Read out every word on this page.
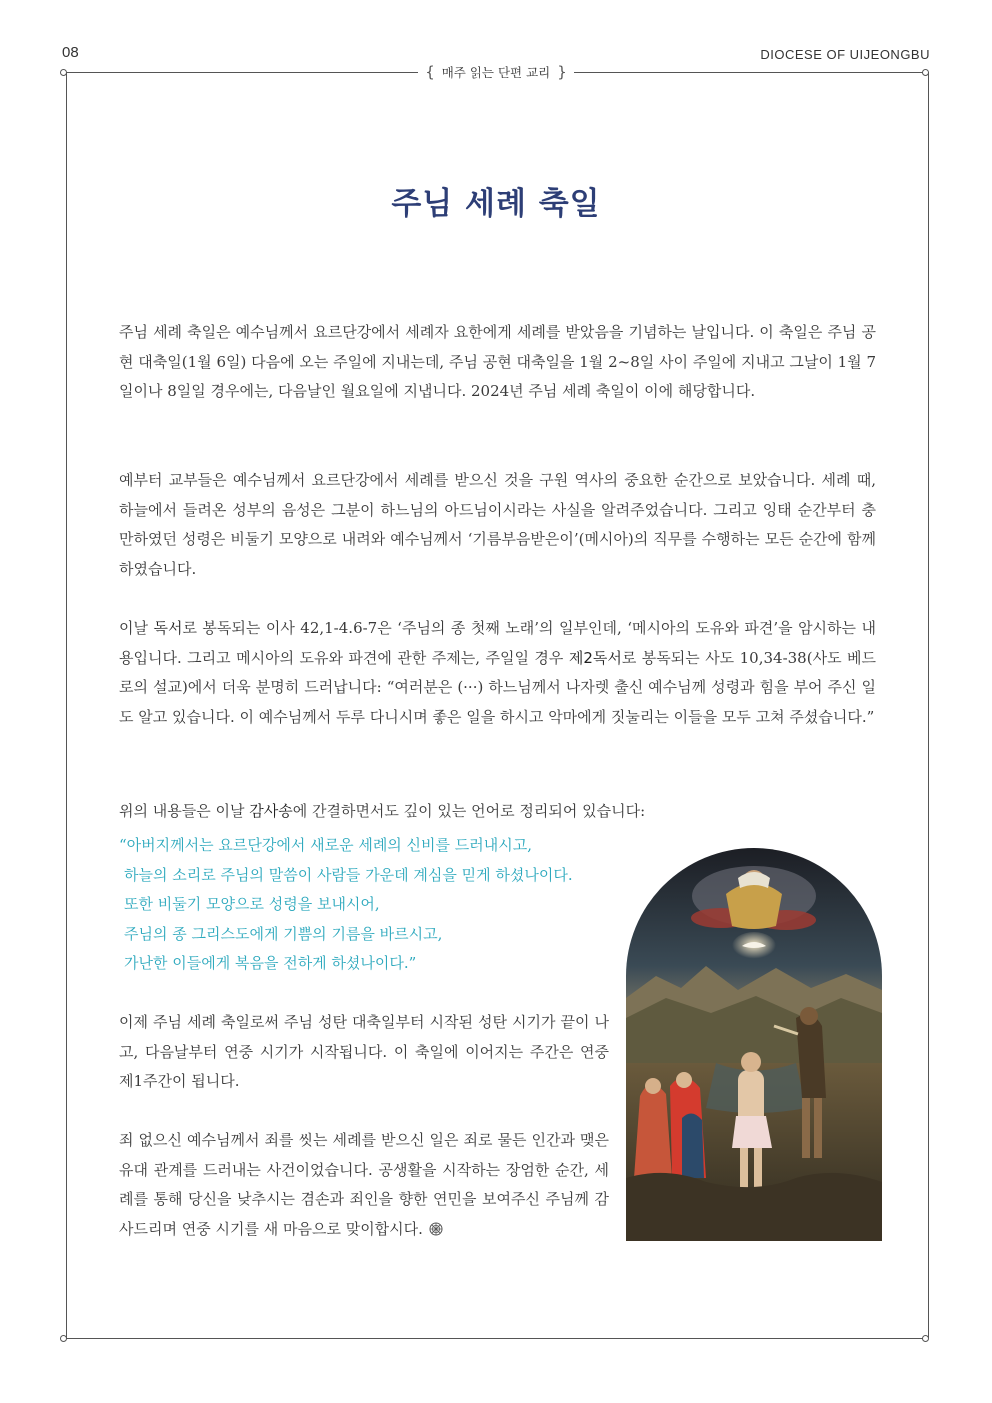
08	DIOCESE OF UIJEONGBU
{ 매주 읽는 단편 교리 }
주님 세례 축일

주님 세례 축일은 예수님께서 요르단강에서 세례자 요한에게 세례를 받았음을 기념하는 날입니다. 이 축일은 주님 공현 대축일(1월 6일) 다음에 오는 주일에 지내는데, 주님 공현 대축일을 1월 2~8일 사이 주일에 지내고 그날이 1월 7일이나 8일일 경우에는, 다음날인 월요일에 지냅니다. 2024년 주님 세례 축일이 이에 해당합니다.

예부터 교부들은 예수님께서 요르단강에서 세례를 받으신 것을 구원 역사의 중요한 순간으로 보았습니다. 세례 때, 하늘에서 들려온 성부의 음성은 그분이 하느님의 아드님이시라는 사실을 알려주었습니다. 그리고 잉태 순간부터 충만하였던 성령은 비둘기 모양으로 내려와 예수님께서 ‘기름부음받은이’(메시아)의 직무를 수행하는 모든 순간에 함께하였습니다.

이날 독서로 봉독되는 이사 42,1-4.6-7은 ‘주님의 종 첫째 노래’의 일부인데, ‘메시아의 도유와 파견’을 암시하는 내용입니다. 그리고 메시아의 도유와 파견에 관한 주제는, 주일일 경우 제2독서로 봉독되는 사도 10,34-38(사도 베드로의 설교)에서 더욱 분명히 드러납니다: “여러분은 (···) 하느님께서 나자렛 출신 예수님께 성령과 힘을 부어 주신 일도 알고 있습니다. 이 예수님께서 두루 다니시며 좋은 일을 하시고 악마에게 짓눌리는 이들을 모두 고쳐 주셨습니다.”

위의 내용들은 이날 감사송에 간결하면서도 깊이 있는 언어로 정리되어 있습니다:

“아버지께서는 요르단강에서 새로운 세례의 신비를 드러내시고,
하늘의 소리로 주님의 말씀이 사람들 가운데 계심을 믿게 하셨나이다.
또한 비둘기 모양으로 성령을 보내시어,
주님의 종 그리스도에게 기쁨의 기름을 바르시고,
가난한 이들에게 복음을 전하게 하셨나이다.”

이제 주님 세례 축일로써 주님 성탄 대축일부터 시작된 성탄 시기가 끝이 나고, 다음날부터 연중 시기가 시작됩니다. 이 축일에 이어지는 주간은 연중 제1주간이 됩니다.

죄 없으신 예수님께서 죄를 씻는 세례를 받으신 일은 죄로 물든 인간과 맺은 유대 관계를 드러내는 사건이었습니다. 공생활을 시작하는 장엄한 순간, 세례를 통해 당신을 낮추시는 겸손과 죄인을 향한 연민을 보여주신 주님께 감사드리며 연중 시기를 새 마음으로 맞이합시다.
